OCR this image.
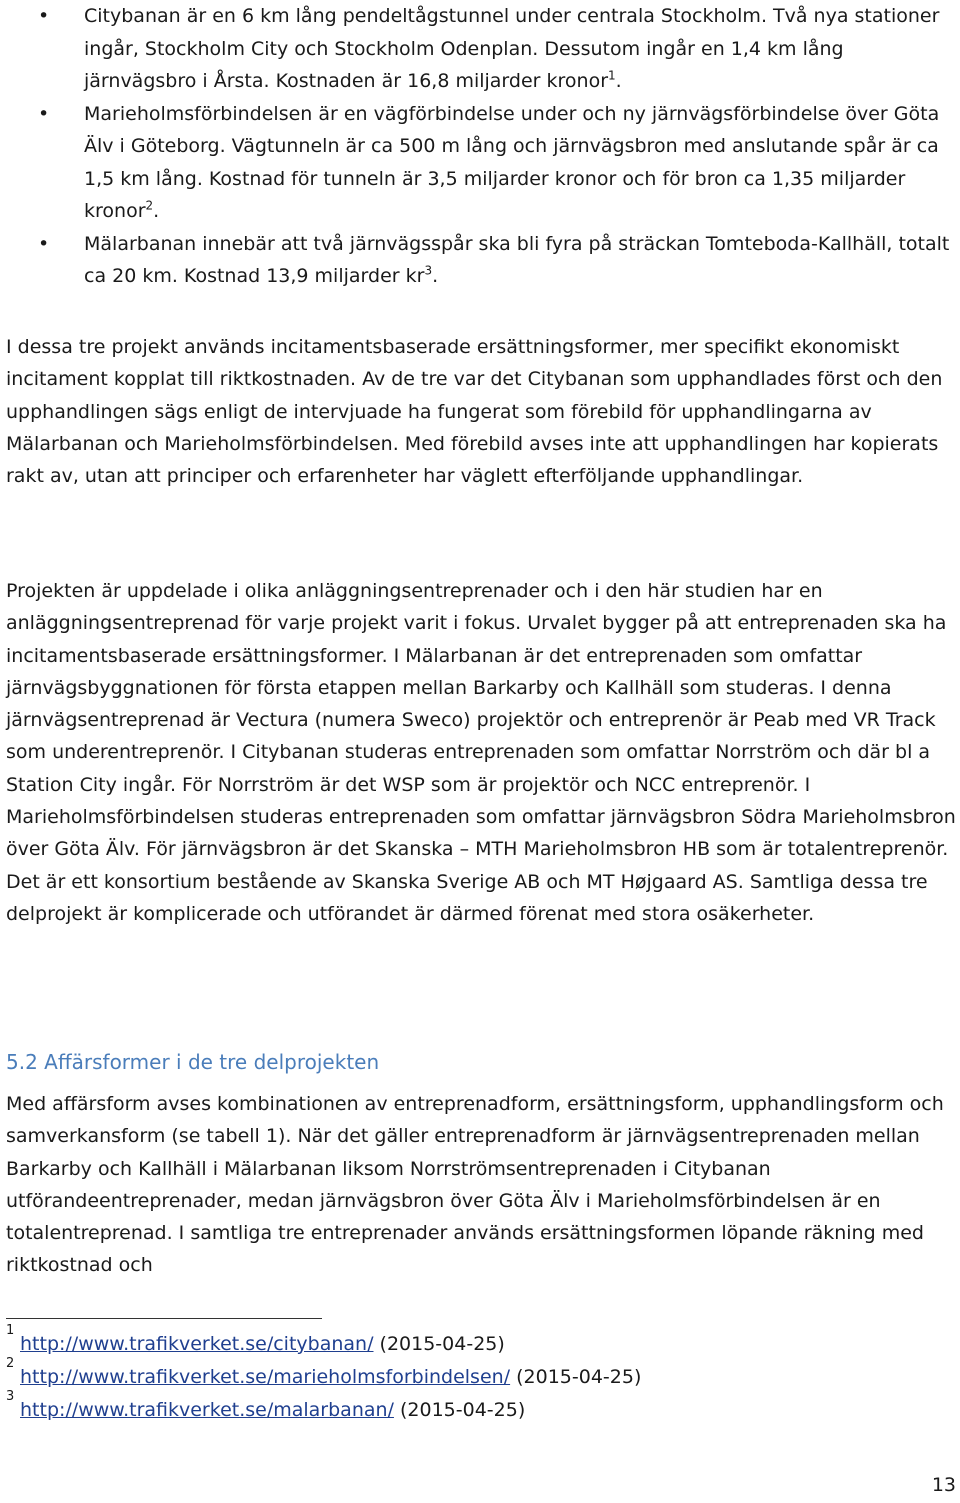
• Citybanan är en 6 km lång pendeltågstunnel under centrala Stockholm. Två nya stationer ingår, Stockholm City och Stockholm Odenplan. Dessutom ingår en 1,4 km lång järnvägsbro i Årsta. Kostnaden är 16,8 miljarder kronor$^1$.
• Marieholmsförbindelsen är en vägförbindelse under och ny järnvägsförbindelse över Göta Älv i Göteborg. Vägtunneln är ca 500 m lång och järnvägsbron med anslutande spår är ca 1,5 km lång. Kostnad för tunneln är 3,5 miljarder kronor och för bron ca 1,35 miljarder kronor$^2$.
• Mälarbanan innebär att två järnvägsspår ska bli fyra på sträckan Tomteboda-Kallhäll, totalt ca 20 km. Kostnad 13,9 miljarder $kr^3$.

I dessa tre projekt används incitamentsbaserade ersättningsformer, mer specifikt ekonomiskt incitament kopplat till riktkostnaden. Av de tre var det Citybanan som upphandlades först och den upphandlingen sägs enligt de intervjuade ha fungerat som förebild för upphandlingarna av Mälarbanan och Marieholmsförbindelsen. Med förebild avses inte att upphandlingen har kopierats rakt av, utan att principer och erfarenheter har väglett efterföljande upphandlingar.

Projekten är uppdelade i olika anläggningsentreprenader och i den här studien har en anläggningsentreprenad för varje projekt varit i fokus. Urvalet bygger på att entreprenaden ska ha incitamentsbaserade ersättningsformer. I Mälarbanan är det entreprenaden som omfattar järnvägsbyggnationen för första etappen mellan Barkarby och Kallhäll som studeras. I denna järnvägsentreprenad är Vectura (numera Sweco) projektör och entreprenör är Peab med VR Track som underentreprenör. I Citybanan studeras entreprenaden som omfattar Norrström och där bl a Station City ingår. För Norrström är det WSP som är projektör och NCC entreprenör. I Marieholmsförbindelsen studeras entreprenaden som omfattar järnvägsbron Södra Marieholmsbron över Göta Älv. För järnvägsbron är det Skanska – MTH Marieholmsbron HB som är totalentreprenör. Det är ett konsortium bestående av Skanska Sverige AB och MT Højgaard AS. Samtliga dessa tre delprojekt är komplicerade och utförandet är därmed förenat med stora osäkerheter.

5.2 Affärsformer i de tre delprojekten

Med affärsform avses kombinationen av entreprenadform, ersättningsform, upphandlingsform och samverkansform (se tabell 1). När det gäller entreprenadform är järnvägsentreprenaden mellan Barkarby och Kallhäll i Mälarbanan liksom Norrströmsentreprenaden i Citybanan utförandeentreprenader, medan järnvägsbron över Göta Älv i Marieholmsförbindelsen är en totalentreprenad. I samtliga tre entreprenader används ersättningsformen löpande räkning med riktkostnad och

1
http://www.trafikverket.se/citybanan/ (2015-04-25)
2
http://www.trafikverket.se/marieholmsforbindelsen/ (2015-04-25)
3
http://www.trafikverket.se/malarbanan/ (2015-04-25)
13
